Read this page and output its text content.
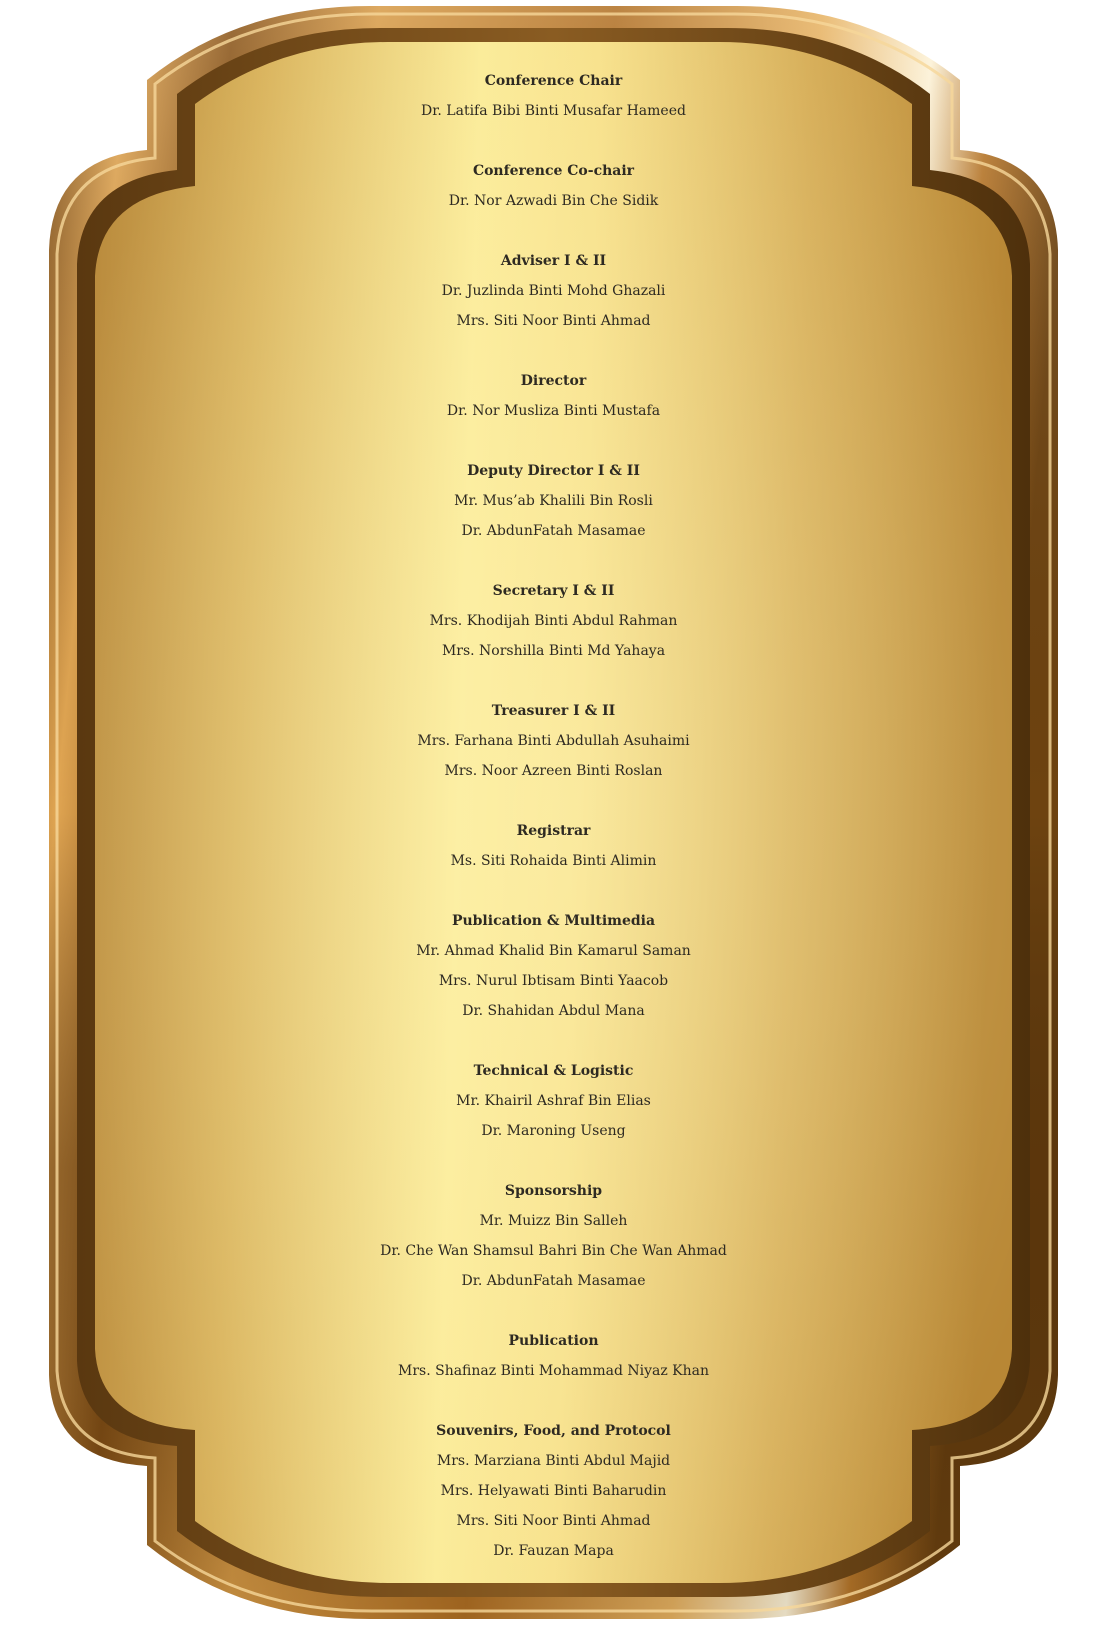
Conference Chair
Dr. Latifa Bibi Binti Musafar Hameed
Conference Co-chair
Dr. Nor Azwadi Bin Che Sidik
Adviser I & II
Dr. Juzlinda Binti Mohd Ghazali
Mrs. Siti Noor Binti Ahmad
Director
Dr. Nor Musliza Binti Mustafa
Deputy Director I & II
Mr. Mus’ab Khalili Bin Rosli
Dr. AbdunFatah Masamae
Secretary I & II
Mrs. Khodijah Binti Abdul Rahman
Mrs. Norshilla Binti Md Yahaya
Treasurer I & II
Mrs. Farhana Binti Abdullah Asuhaimi
Mrs. Noor Azreen Binti Roslan
Registrar
Ms. Siti Rohaida Binti Alimin
Publication & Multimedia
Mr. Ahmad Khalid Bin Kamarul Saman
Mrs. Nurul Ibtisam Binti Yaacob
Dr. Shahidan Abdul Mana
Technical & Logistic
Mr. Khairil Ashraf Bin Elias
Dr. Maroning Useng
Sponsorship
Mr. Muizz Bin Salleh
Dr. Che Wan Shamsul Bahri Bin Che Wan Ahmad
Dr. AbdunFatah Masamae
Publication
Mrs. Shafinaz Binti Mohammad Niyaz Khan
Souvenirs, Food, and Protocol
Mrs. Marziana Binti Abdul Majid
Mrs. Helyawati Binti Baharudin
Mrs. Siti Noor Binti Ahmad
Dr. Fauzan Mapa
